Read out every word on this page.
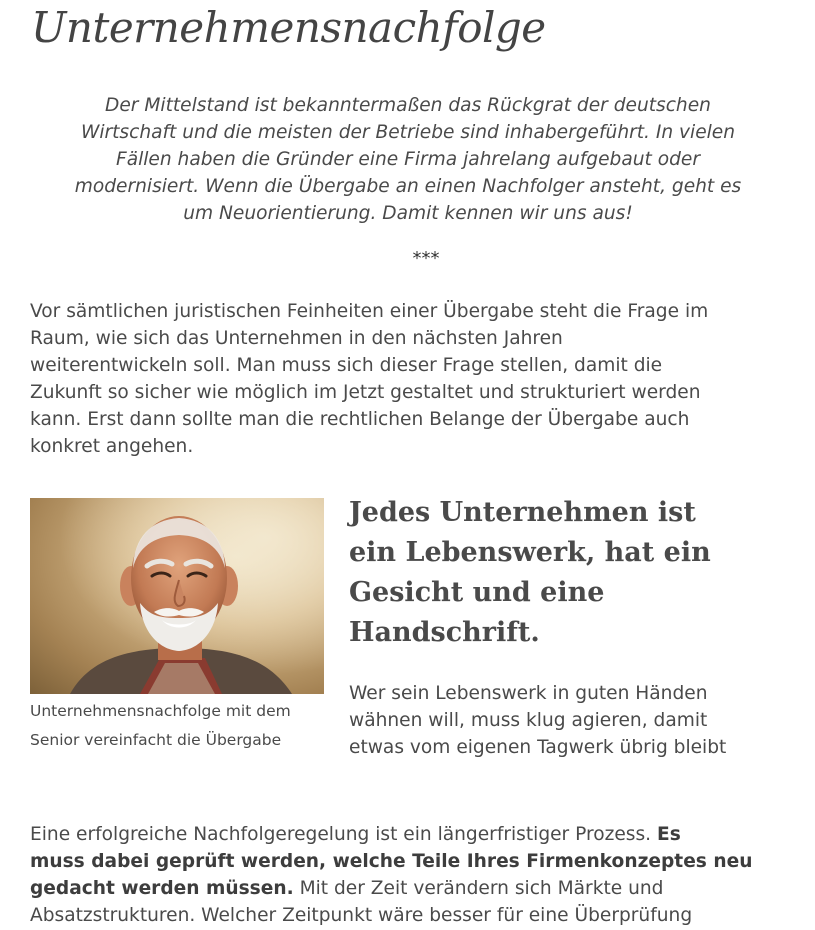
Unternehmensnachfolge

Der Mittelstand ist bekanntermaßen das Rückgrat der deutschen
Wirtschaft und die meisten der Betriebe sind inhabergeführt. In vielen
Fällen haben die Gründer eine Firma jahrelang aufgebaut oder
modernisiert. Wenn die Übergabe an einen Nachfolger ansteht, geht es
um Neuorientierung. Damit kennen wir uns aus!

***

Vor sämtlichen juristischen Feinheiten einer Übergabe steht die Frage im
Raum, wie sich das Unternehmen in den nächsten Jahren
weiterentwickeln soll. Man muss sich dieser Frage stellen, damit die
Zukunft so sicher wie möglich im Jetzt gestaltet und strukturiert werden
kann. Erst dann sollte man die rechtlichen Belange der Übergabe auch
konkret angehen.

Unternehmensnachfolge mit dem
Senior vereinfacht die Übergabe
Jedes Unternehmen ist
ein Lebenswerk, hat ein
Gesicht und eine
Handschrift.

Wer sein Lebenswerk in guten Händen
wähnen will, muss klug agieren, damit
etwas vom eigenen Tagwerk übrig bleibt

Eine erfolgreiche Nachfolgeregelung ist ein längerfristiger Prozess. Es
muss dabei geprüft werden, welche Teile Ihres Firmenkonzeptes neu
gedacht werden müssen. Mit der Zeit verändern sich Märkte und
Absatzstrukturen. Welcher Zeitpunkt wäre besser für eine Überprüfung
